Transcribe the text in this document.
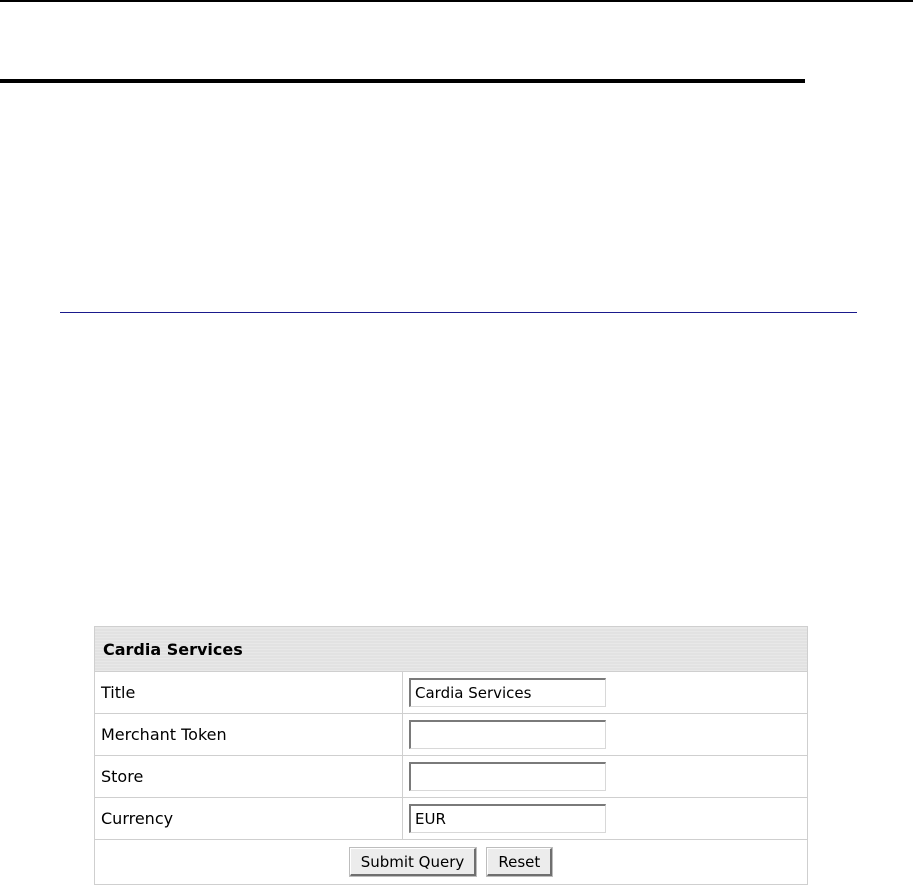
Cardia Services	
Title	Cardia Services
Merchant Token	
Store	
Currency	EUR
Submit Query Reset	
